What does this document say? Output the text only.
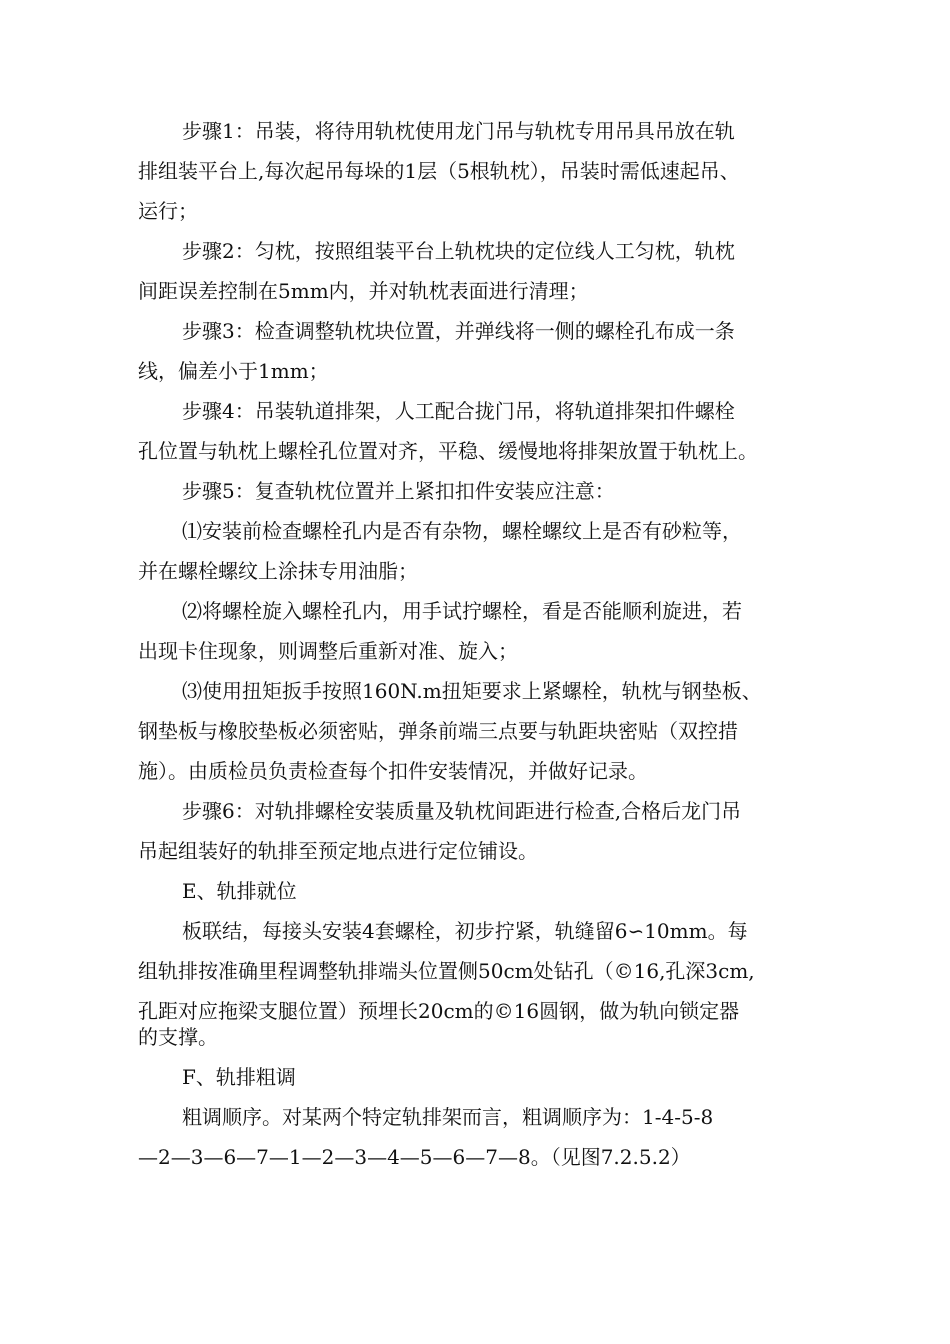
步骤1：吊装，将待用轨枕使用龙门吊与轨枕专用吊具吊放在轨
排组装平台上,每次起吊每垛的1层（5根轨枕），吊装时需低速起吊、
运行；
步骤2：匀枕，按照组装平台上轨枕块的定位线人工匀枕，轨枕
间距误差控制在5mm内，并对轨枕表面进行清理；
步骤3：检查调整轨枕块位置，并弹线将一侧的螺栓孔布成一条
线，偏差小于1mm；
步骤4：吊装轨道排架，人工配合拢门吊，将轨道排架扣件螺栓
孔位置与轨枕上螺栓孔位置对齐，平稳、缓慢地将排架放置于轨枕上。
步骤5：复查轨枕位置并上紧扣扣件安装应注意：
⑴安装前检查螺栓孔内是否有杂物，螺栓螺纹上是否有砂粒等，
并在螺栓螺纹上涂抹专用油脂；
⑵将螺栓旋入螺栓孔内，用手试拧螺栓，看是否能顺利旋进，若
出现卡住现象，则调整后重新对准、旋入；
⑶使用扭矩扳手按照160N.m扭矩要求上紧螺栓，轨枕与钢垫板、
钢垫板与橡胶垫板必须密贴，弹条前端三点要与轨距块密贴（双控措
施）。由质检员负责检查每个扣件安装情况，并做好记录。
步骤6：对轨排螺栓安装质量及轨枕间距进行检查,合格后龙门吊
吊起组装好的轨排至预定地点进行定位铺设。
E、轨排就位
板联结，每接头安装4套螺栓，初步拧紧，轨缝留6∽10mm。每
组轨排按准确里程调整轨排端头位置侧50cm处钻孔（©16,孔深3cm,
孔距对应拖梁支腿位置）预埋长20cm的©16圆钢，做为轨向锁定器
的支撑。
F、轨排粗调
粗调顺序。对某两个特定轨排架而言，粗调顺序为：1-4-5-8
—2—3—6—7—1—2—3—4—5—6—7—8。（见图7.2.5.2）
